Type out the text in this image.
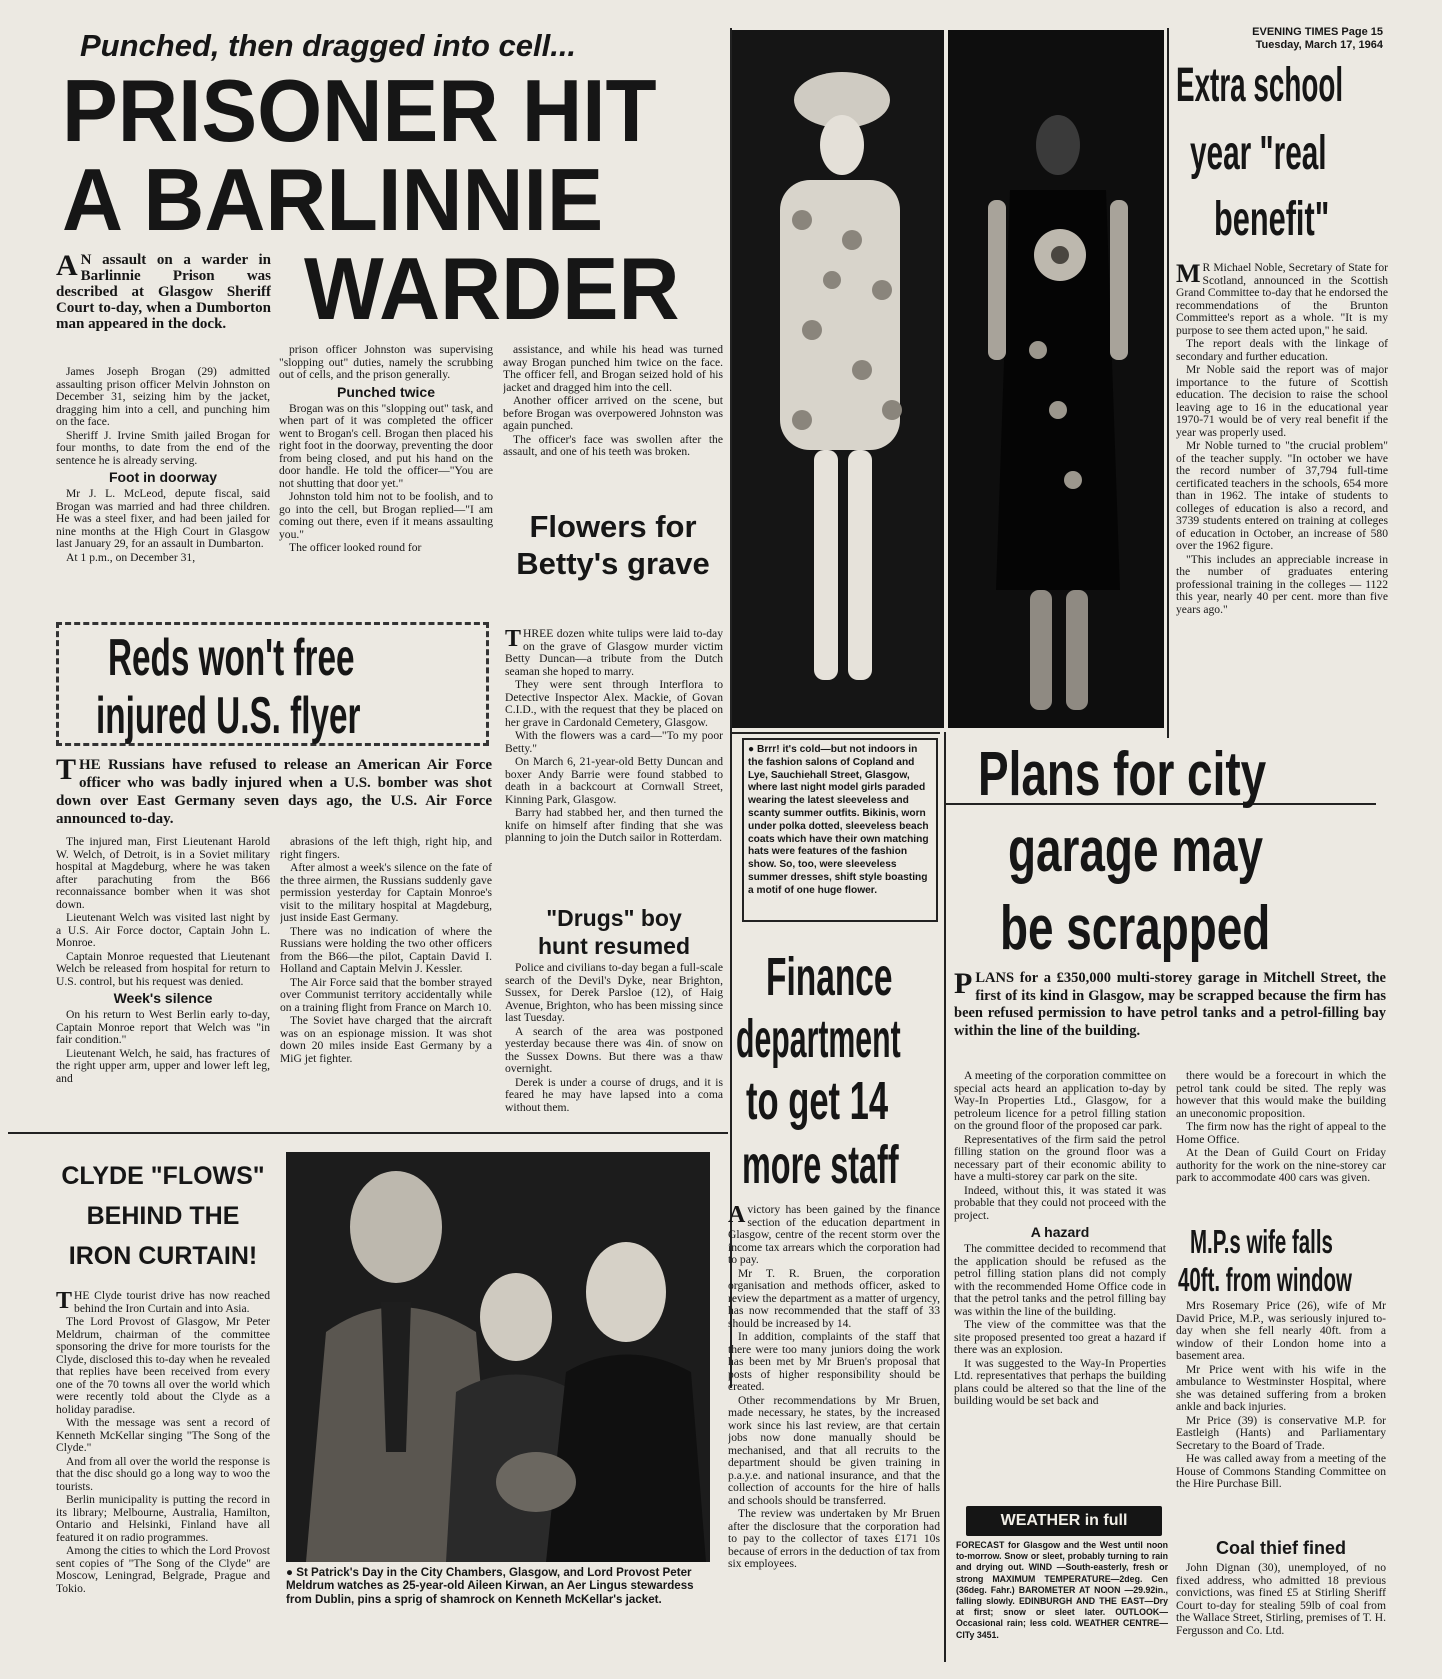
EVENING TIMES Page 15
Tuesday, March 17, 1964
Punched, then dragged into cell...
PRISONER HIT
A BARLINNIE
WARDER
A N assault on a warder in Barlinnie Prison was described at Glasgow Sheriff Court to-day, when a Dumborton man appeared in the dock.

James Joseph Brogan (29) admitted assaulting prison officer Melvin Johnston on December 31, seizing him by the jacket, dragging him into a cell, and punching him on the face.

Sheriff J. Irvine Smith jailed Brogan for four months, to date from the end of the sentence he is already serving.

Foot in doorway

Mr J. L. McLeod, depute fiscal, said Brogan was married and had three children. He was a steel fixer, and had been jailed for nine months at the High Court in Glasgow last January 29, for an assault in Dumbarton.

At 1 p.m., on December 31,

prison officer Johnston was supervising "slopping out" duties, namely the scrubbing out of cells, and the prison generally.

Punched twice

Brogan was on this "slopping out" task, and when part of it was completed the officer went to Brogan's cell. Brogan then placed his right foot in the doorway, preventing the door from being closed, and put his hand on the door handle. He told the officer—"You are not shutting that door yet."

Johnston told him not to be foolish, and to go into the cell, but Brogan replied—"I am coming out there, even if it means assaulting you."

The officer looked round for

assistance, and while his head was turned away Brogan punched him twice on the face. The officer fell, and Brogan seized hold of his jacket and dragged him into the cell.

Another officer arrived on the scene, but before Brogan was overpowered Johnston was again punched.

The officer's face was swollen after the assault, and one of his teeth was broken.

● Brrr! it's cold—but not indoors in the fashion salons of Copland and Lye, Sauchiehall Street, Glasgow, where last night model girls paraded wearing the latest sleeveless and scanty summer outfits. Bikinis, worn under polka dotted, sleeveless beach coats which have their own matching hats were features of the fashion show. So, too, were sleeveless summer dresses, shift style boasting a motif of one huge flower.
Extra school
year "real
benefit"

M R Michael Noble, Secretary of State for Scotland, announced in the Scottish Grand Committee to-day that he endorsed the recommendations of the Brunton Committee's report as a whole. "It is my purpose to see them acted upon," he said.

The report deals with the linkage of secondary and further education.

Mr Noble said the report was of major importance to the future of Scottish education. The decision to raise the school leaving age to 16 in the educational year 1970-71 would be of very real benefit if the year was properly used.

Mr Noble turned to "the crucial problem" of the teacher supply. "In october we have the record number of 37,794 full-time certificated teachers in the schools, 654 more than in 1962. The intake of students to colleges of education is also a record, and 3739 students entered on training at colleges of education in October, an increase of 580 over the 1962 figure.

"This includes an appreciable increase in the number of graduates entering professional training in the colleges — 1122 this year, nearly 40 per cent. more than five years ago."

Reds won't free
injured U.S. flyer
THE Russians have refused to release an American Air Force officer who was badly injured when a U.S. bomber was shot down over East Germany seven days ago, the U.S. Air Force announced to-day.

The injured man, First Lieutenant Harold W. Welch, of Detroit, is in a Soviet military hospital at Magdeburg, where he was taken after parachuting from the B66 reconnaissance bomber when it was shot down.

Lieutenant Welch was visited last night by a U.S. Air Force doctor, Captain John L. Monroe.

Captain Monroe requested that Lieutenant Welch be released from hospital for return to U.S. control, but his request was denied.

Week's silence

On his return to West Berlin early to-day, Captain Monroe report that Welch was "in fair condition."

Lieutenant Welch, he said, has fractures of the right upper arm, upper and lower left leg, and

abrasions of the left thigh, right hip, and right fingers.

After almost a week's silence on the fate of the three airmen, the Russians suddenly gave permission yesterday for Captain Monroe's visit to the military hospital at Magdeburg, just inside East Germany.

There was no indication of where the Russians were holding the two other officers from the B66—the pilot, Captain David I. Holland and Captain Melvin J. Kessler.

The Air Force said that the bomber strayed over Communist territory accidentally while on a training flight from France on March 10.

The Soviet have charged that the aircraft was on an espionage mission. It was shot down 20 miles inside East Germany by a MiG jet fighter.

Flowers for Betty's grave

THREE dozen white tulips were laid to-day on the grave of Glasgow murder victim Betty Duncan—a tribute from the Dutch seaman she hoped to marry.

They were sent through Interflora to Detective Inspector Alex. Mackie, of Govan C.I.D., with the request that they be placed on her grave in Cardonald Cemetery, Glasgow.

With the flowers was a card—"To my poor Betty."

On March 6, 21-year-old Betty Duncan and boxer Andy Barrie were found stabbed to death in a backcourt at Cornwall Street, Kinning Park, Glasgow.

Barry had stabbed her, and then turned the knife on himself after finding that she was planning to join the Dutch sailor in Rotterdam.

"Drugs" boy
hunt resumed

Police and civilians to-day began a full-scale search of the Devil's Dyke, near Brighton, Sussex, for Derek Parsloe (12), of Haig Avenue, Brighton, who has been missing since last Tuesday.

A search of the area was postponed yesterday because there was 4in. of snow on the Sussex Downs. But there was a thaw overnight.

Derek is under a course of drugs, and it is feared he may have lapsed into a coma without them.

Plans for city
garage may
be scrapped
PLANS for a £350,000 multi-storey garage in Mitchell Street, the first of its kind in Glasgow, may be scrapped because the firm has been refused permission to have petrol tanks and a petrol-filling bay within the line of the building.

A meeting of the corporation committee on special acts heard an application to-day by Way-In Properties Ltd., Glasgow, for a petroleum licence for a petrol filling station on the ground floor of the proposed car park.

Representatives of the firm said the petrol filling station on the ground floor was a necessary part of their economic ability to have a multi-storey car park on the site.

Indeed, without this, it was stated it was probable that they could not proceed with the project.

A hazard

The committee decided to recommend that the application should be refused as the petrol filling station plans did not comply with the recommended Home Office code in that the petrol tanks and the petrol filling bay was within the line of the building.

The view of the committee was that the site proposed presented too great a hazard if there was an explosion.

It was suggested to the Way-In Properties Ltd. representatives that perhaps the building plans could be altered so that the line of the building would be set back and

there would be a forecourt in which the petrol tank could be sited. The reply was however that this would make the building an uneconomic proposition.

The firm now has the right of appeal to the Home Office.

At the Dean of Guild Court on Friday authority for the work on the nine-storey car park to accommodate 400 cars was given.

Finance
department
to get 14
more staff

Avictory has been gained by the finance section of the education department in Glasgow, centre of the recent storm over the income tax arrears which the corporation had to pay.

Mr T. R. Bruen, the corporation organisation and methods officer, asked to review the department as a matter of urgency, has now recommended that the staff of 33 should be increased by 14.

In addition, complaints of the staff that there were too many juniors doing the work has been met by Mr Bruen's proposal that posts of higher responsibility should be created.

Other recommendations by Mr Bruen, made necessary, he states, by the increased work since his last review, are that certain jobs now done manually should be mechanised, and that all recruits to the department should be given training in p.a.y.e. and national insurance, and that the collection of accounts for the hire of halls and schools should be transferred.

The review was undertaken by Mr Bruen after the disclosure that the corporation had to pay to the collector of taxes £171 10s because of errors in the deduction of tax from six employees.

CLYDE "FLOWS"
BEHIND THE
IRON CURTAIN!

THE Clyde tourist drive has now reached behind the Iron Curtain and into Asia.

The Lord Provost of Glasgow, Mr Peter Meldrum, chairman of the committee sponsoring the drive for more tourists for the Clyde, disclosed this to-day when he revealed that replies have been received from every one of the 70 towns all over the world which were recently told about the Clyde as a holiday paradise.

With the message was sent a record of Kenneth McKellar singing "The Song of the Clyde."

And from all over the world the response is that the disc should go a long way to woo the tourists.

Berlin municipality is putting the record in its library; Melbourne, Australia, Hamilton, Ontario and Helsinki, Finland have all featured it on radio programmes.

Among the cities to which the Lord Provost sent copies of "The Song of the Clyde" are Moscow, Leningrad, Belgrade, Prague and Tokio.

● St Patrick's Day in the City Chambers, Glasgow, and Lord Provost Peter Meldrum watches as 25-year-old Aileen Kirwan, an Aer Lingus stewardess from Dublin, pins a sprig of shamrock on Kenneth McKellar's jacket.
M.P.s wife falls
40ft. from window

Mrs Rosemary Price (26), wife of Mr David Price, M.P., was seriously injured to-day when she fell nearly 40ft. from a window of their London home into a basement area.

Mr Price went with his wife in the ambulance to Westminster Hospital, where she was detained suffering from a broken ankle and back injuries.

Mr Price (39) is conservative M.P. for Eastleigh (Hants) and Parliamentary Secretary to the Board of Trade.

He was called away from a meeting of the House of Commons Standing Committee on the Hire Purchase Bill.

WEATHER in full
FORECAST for Glasgow and the West until noon to-morrow. Snow or sleet, probably turning to rain and drying out. WIND —South-easterly, fresh or strong MAXIMUM TEMPERATURE—2deg. Cen (36deg. Fahr.) BAROMETER AT NOON —29.92in., falling slowly. EDINBURGH AND THE EAST—Dry at first; snow or sleet later. OUTLOOK— Occasional rain; less cold. WEATHER CENTRE—CITy 3451.
Coal thief fined

John Dignan (30), unemployed, of no fixed address, who admitted 18 previous convictions, was fined £5 at Stirling Sheriff Court to-day for stealing 59lb of coal from the Wallace Street, Stirling, premises of T. H. Fergusson and Co. Ltd.
